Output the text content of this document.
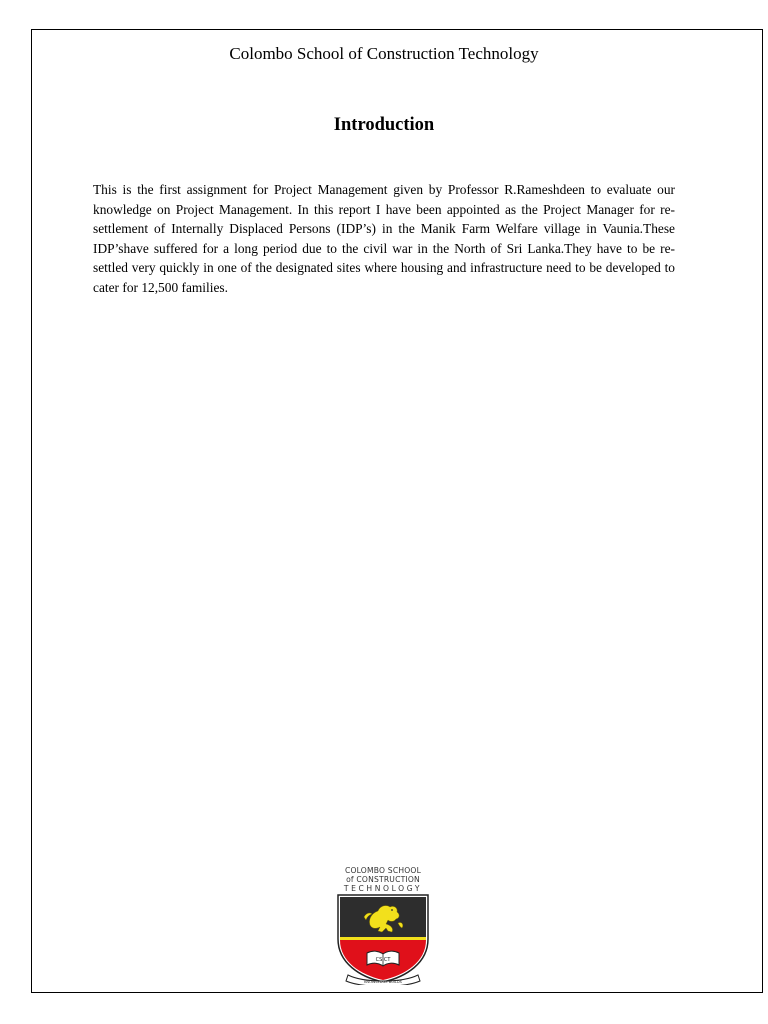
Colombo School of Construction Technology
Introduction

This is the first assignment for Project Management given by Professor R.Rameshdeen to evaluate our knowledge on Project Management. In this report I have been appointed as the Project Manager for re-settlement of Internally Displaced Persons (IDP’s) in the Manik Farm Welfare village in Vaunia.These IDP’shave suffered for a long period due to the civil war in the North of Sri Lanka.They have to be re-settled very quickly in one of the designated sites where housing and infrastructure need to be developed to cater for 12,500 families.

COLOMBO SCHOOL
of CONSTRUCTION
TECHNOLOGY
CS CT
KNOWLEDGE BUILDS
